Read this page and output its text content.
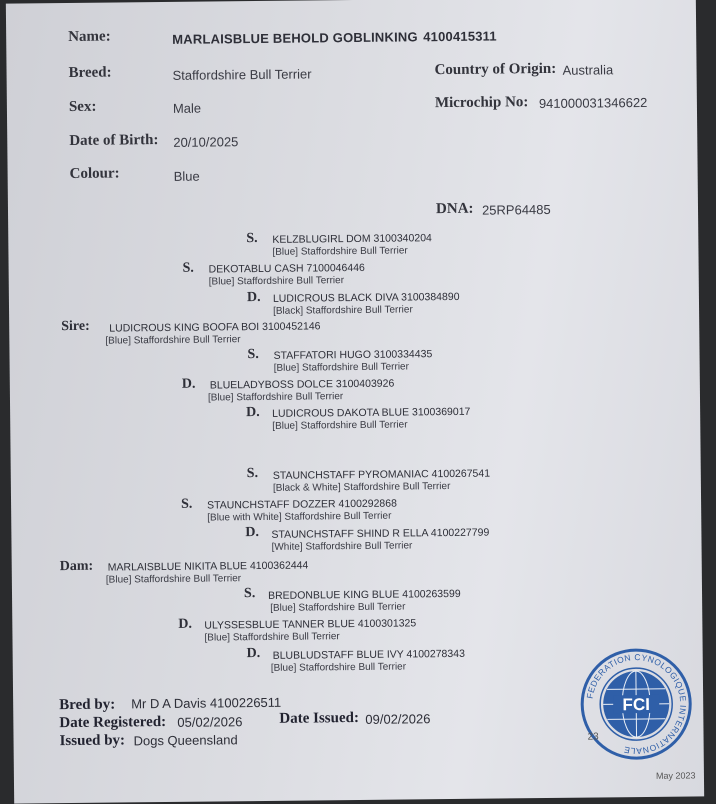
Name:	MARLAISBLUE BEHOLD GOBLINKING 4100415311
Breed:	Staffordshire Bull Terrier	Country of Origin: Australia
Sex:	Male	Microchip No: 941000031346622
Date of Birth: 20/10/2025
Colour:	Blue
DNA: 25RP64485
S. KELZBLUGIRL DOM 3100340204
[Blue] Staffordshire Bull Terrier
S. DEKOTABLU CASH 7100046446
[Blue] Staffordshire Bull Terrier
D. LUDICROUS BLACK DIVA 3100384890
[Black] Staffordshire Bull Terrier
Sire: LUDICROUS KING BOOFA BOI 3100452146
[Blue] Staffordshire Bull Terrier
S. STAFFATORI HUGO 3100334435
[Blue] Staffordshire Bull Terrier
D. BLUELADYBOSS DOLCE 3100403926
[Blue] Staffordshire Bull Terrier
D. LUDICROUS DAKOTA BLUE 3100369017
[Blue] Staffordshire Bull Terrier
S. STAUNCHSTAFF PYROMANIAC 4100267541
[Black & White] Staffordshire Bull Terrier
S. STAUNCHSTAFF DOZZER 4100292868
[Blue with White] Staffordshire Bull Terrier
D. STAUNCHSTAFF SHIND R ELLA 4100227799
[White] Staffordshire Bull Terrier
Dam: MARLAISBLUE NIKITA BLUE 4100362444
[Blue] Staffordshire Bull Terrier
S. BREDONBLUE KING BLUE 4100263599
[Blue] Staffordshire Bull Terrier
D. ULYSSESBLUE TANNER BLUE 4100301325
[Blue] Staffordshire Bull Terrier
D. BLUBLUDSTAFF BLUE IVY 4100278343
[Blue] Staffordshire Bull Terrier
Bred by: Mr D A Davis 4100226511
Date Registered: 05/02/2026 Date Issued: 09/02/2026
Issued by: Dogs Queensland
FCI
FEDERATION CYNOLOGIQUE INTERNATIONALE
23
May 2023
